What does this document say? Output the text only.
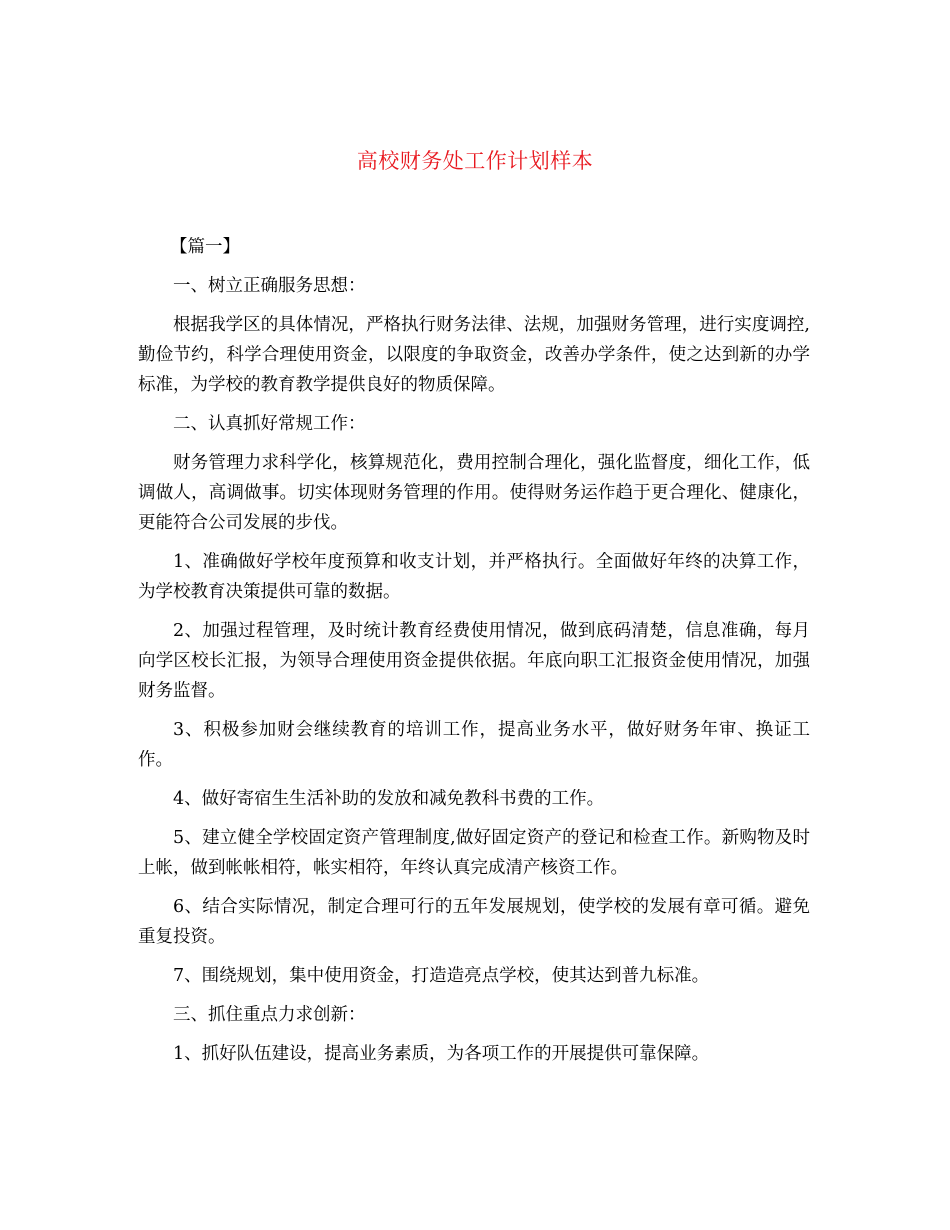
高校财务处工作计划样本

【篇一】

一、树立正确服务思想：

根据我学区的具体情况，严格执行财务法律、法规，加强财务管理，进行实度调控,勤俭节约，科学合理使用资金，以限度的争取资金，改善办学条件，使之达到新的办学标准，为学校的教育教学提供良好的物质保障。

二、认真抓好常规工作：

财务管理力求科学化，核算规范化，费用控制合理化，强化监督度，细化工作，低调做人，高调做事。切实体现财务管理的作用。使得财务运作趋于更合理化、健康化，更能符合公司发展的步伐。

1、准确做好学校年度预算和收支计划，并严格执行。全面做好年终的决算工作，为学校教育决策提供可靠的数据。

2、加强过程管理，及时统计教育经费使用情况，做到底码清楚，信息准确，每月向学区校长汇报，为领导合理使用资金提供依据。年底向职工汇报资金使用情况，加强财务监督。

3、积极参加财会继续教育的培训工作，提高业务水平，做好财务年审、换证工作。

4、做好寄宿生生活补助的发放和减免教科书费的工作。

5、建立健全学校固定资产管理制度,做好固定资产的登记和检查工作。新购物及时上帐，做到帐帐相符，帐实相符，年终认真完成清产核资工作。

6、结合实际情况，制定合理可行的五年发展规划，使学校的发展有章可循。避免重复投资。

7、围绕规划，集中使用资金，打造造亮点学校，使其达到普九标准。

三、抓住重点力求创新：

1、抓好队伍建设，提高业务素质，为各项工作的开展提供可靠保障。
